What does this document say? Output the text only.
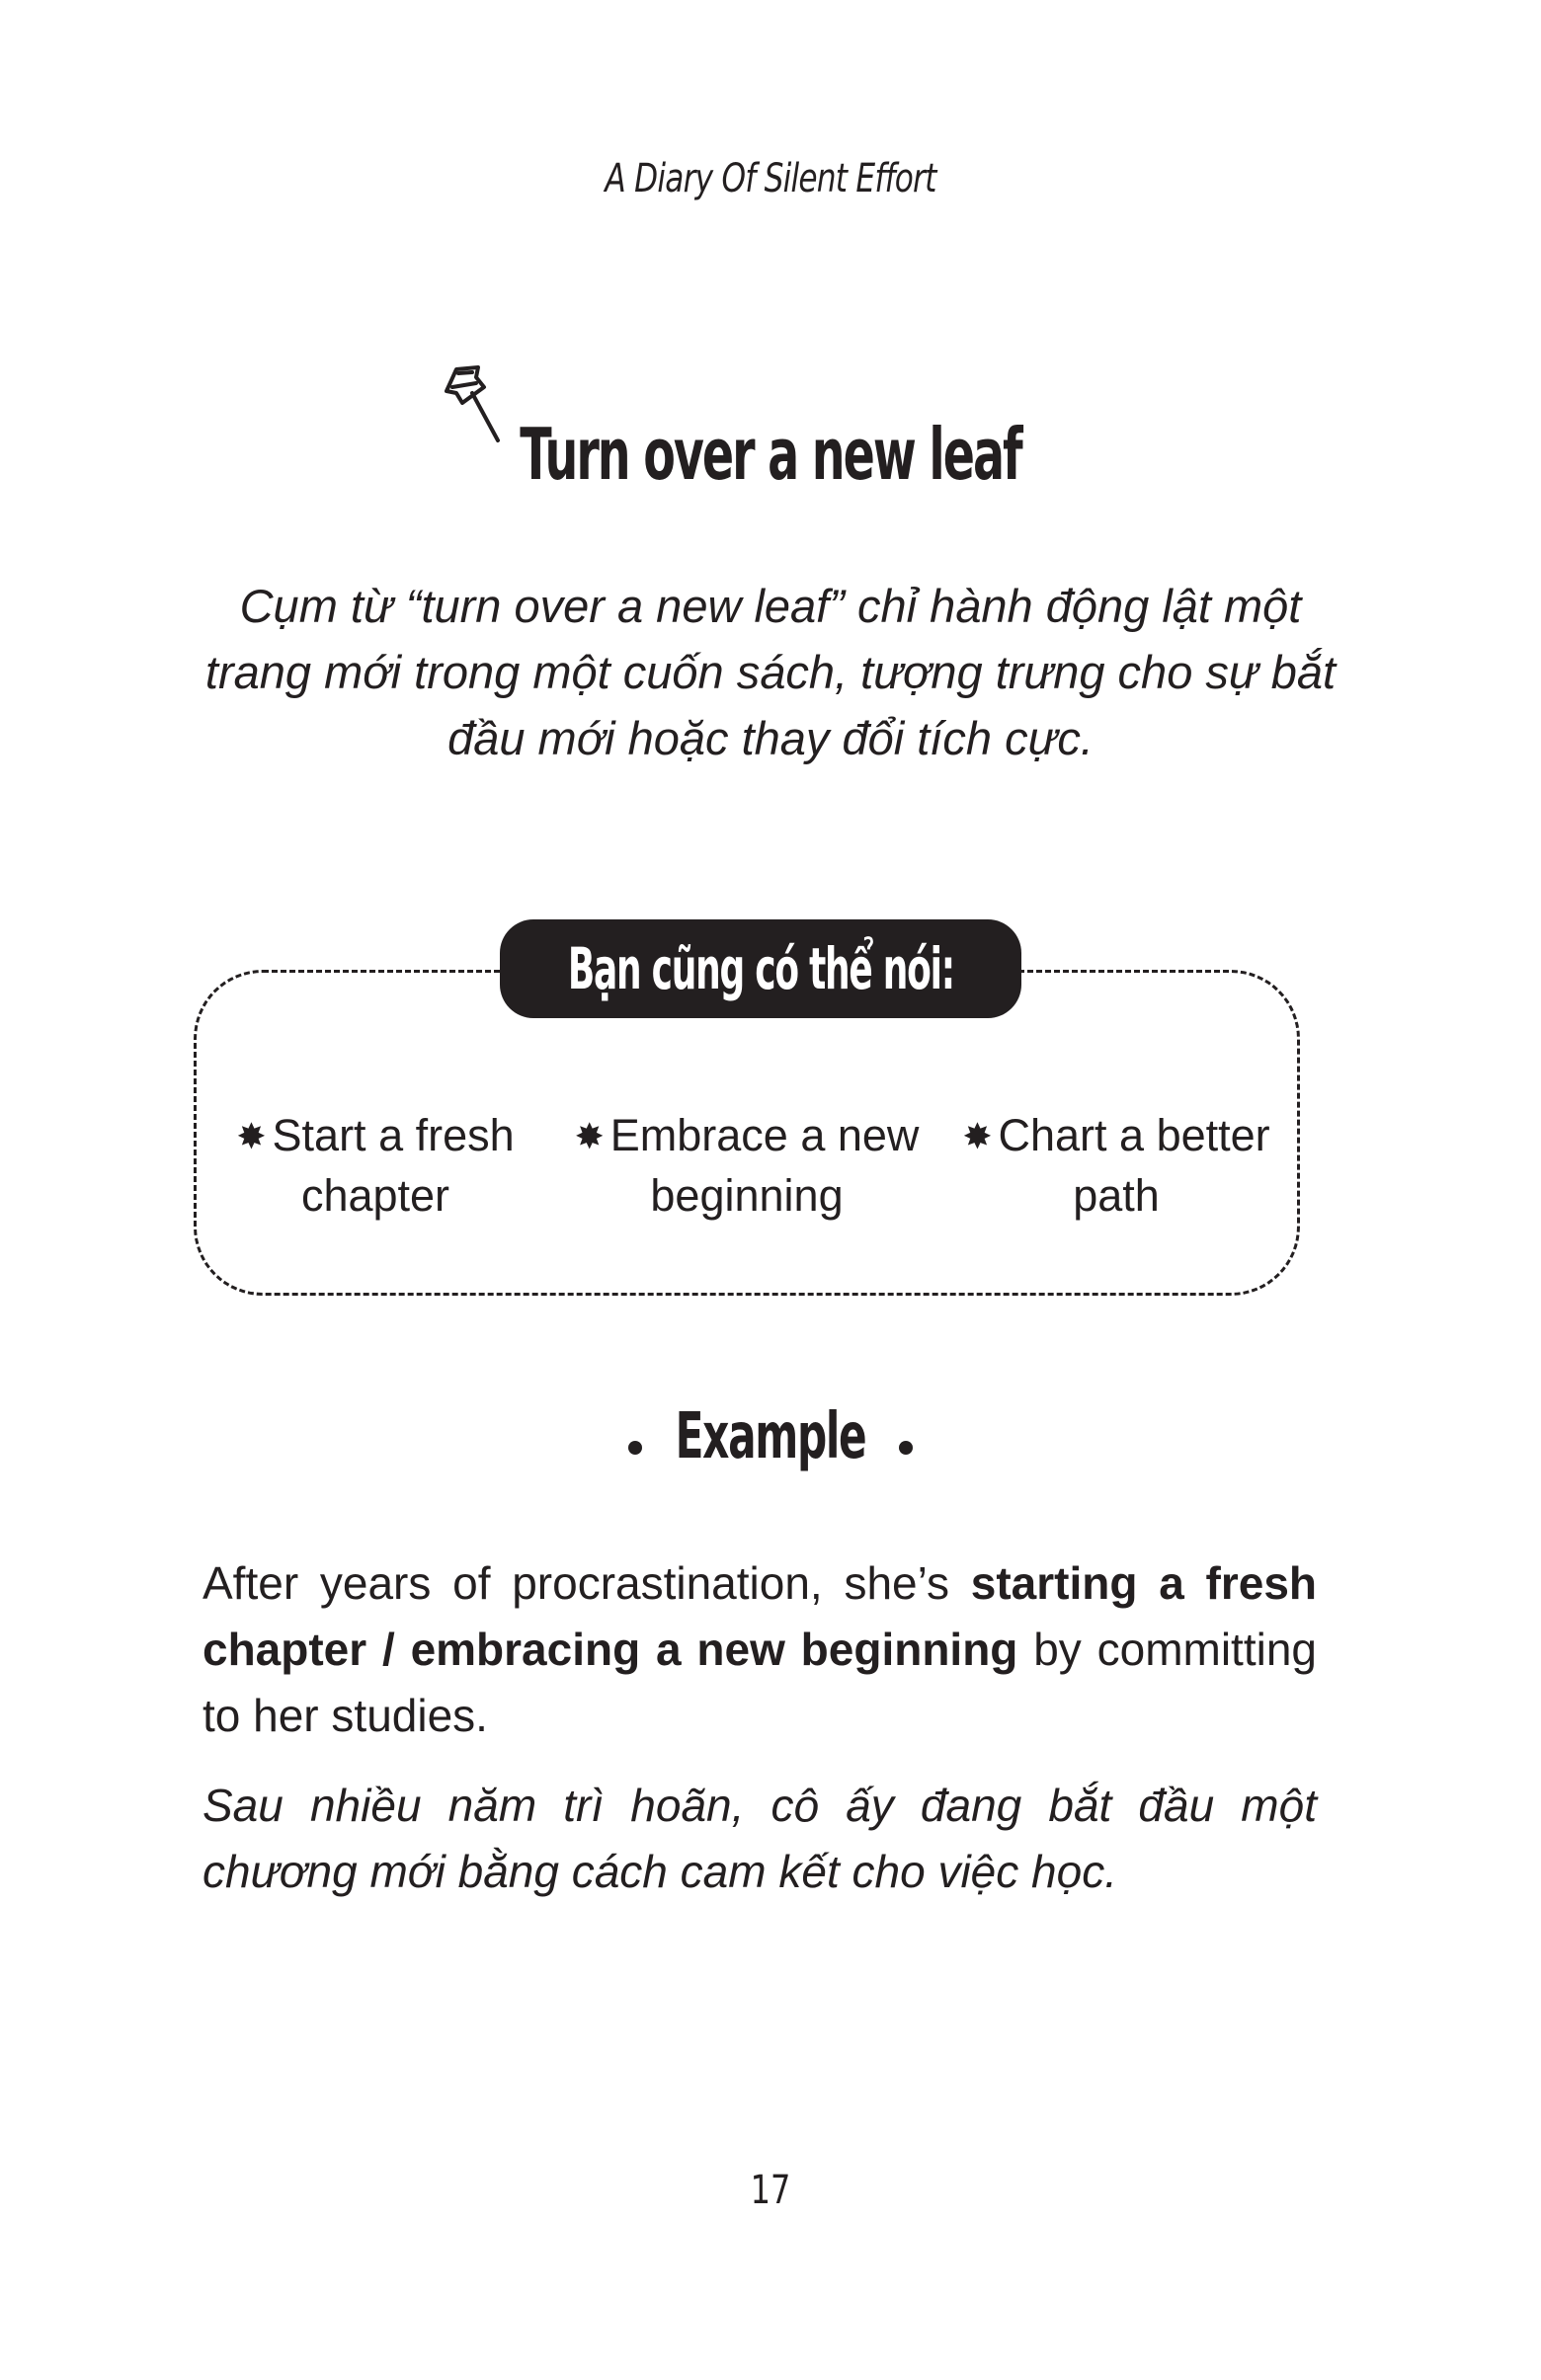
A Diary Of Silent Effort
Turn over a new leaf
Cụm từ “turn over a new leaf” chỉ hành động lật một trang mới trong một cuốn sách, tượng trưng cho sự bắt đầu mới hoặc thay đổi tích cực.
Bạn cũng có thể nói:
✸ Start a fresh chapter
✸ Embrace a new beginning
✸ Chart a better path
Example
After years of procrastination, she’s starting a fresh chapter / embracing a new beginning by committing to her studies.
Sau nhiều năm trì hoãn, cô ấy đang bắt đầu một chương mới bằng cách cam kết cho việc học.
17
